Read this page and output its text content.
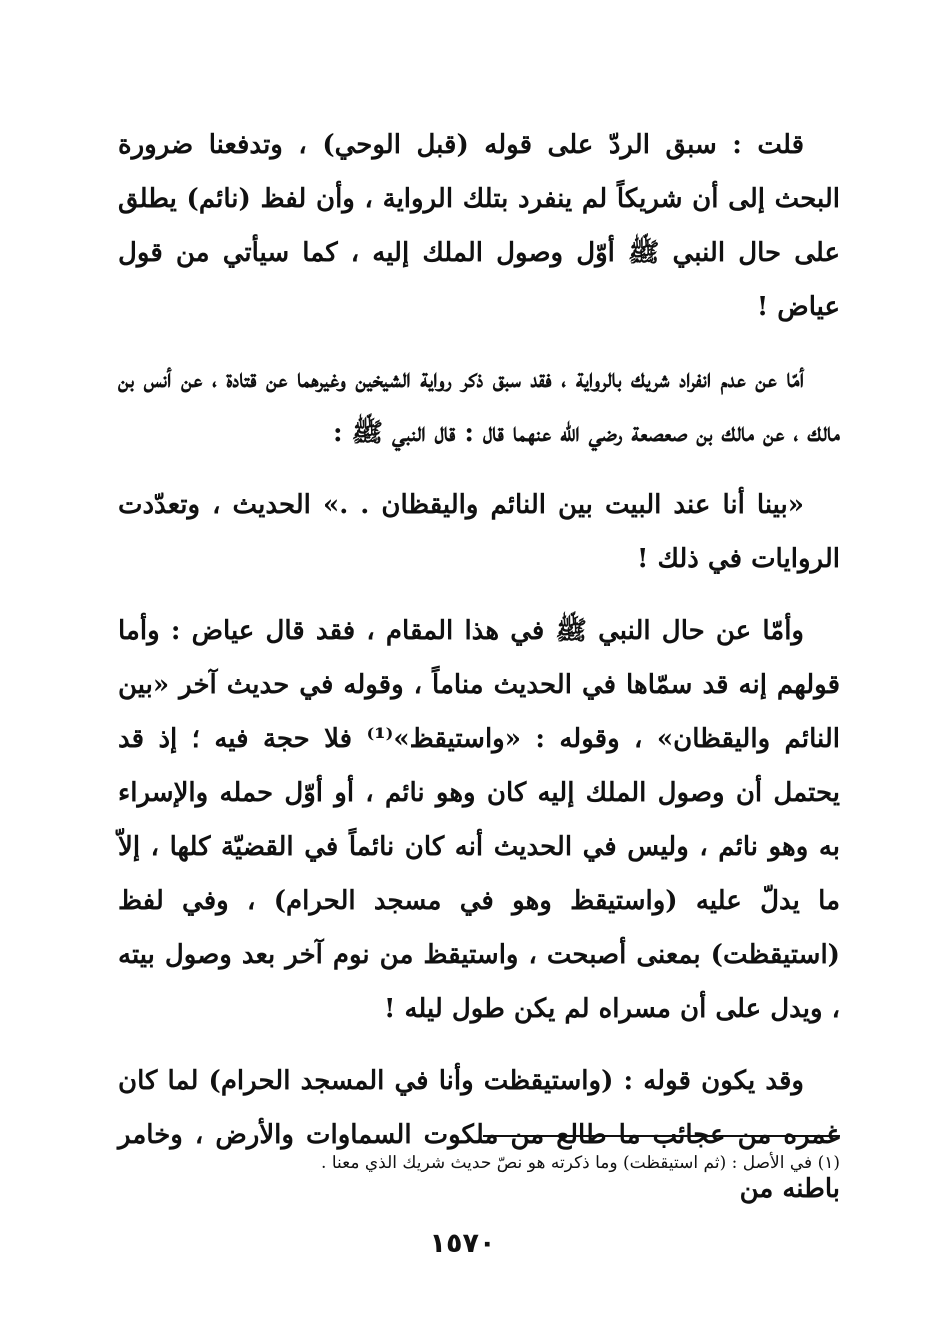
قلت : سبق الردّ على قوله (قبل الوحي) ، وتدفعنا ضرورة البحث إلى أن شريكاً لم ينفرد بتلك الرواية ، وأن لفظ (نائم) يطلق على حال النبي ﷺ أوّل وصول الملك إليه ، كما سيأتي من قول عياض !

أمّا عن عدم انفراد شريك بالرواية ، فقد سبق ذكر رواية الشيخين وغيرهما عن قتادة ، عن أنس بن مالك ، عن مالك بن صعصعة رضي الله عنهما قال : قال النبي ﷺ :

«بينا أنا عند البيت بين النائم واليقظان . .» الحديث ، وتعدّدت الروايات في ذلك !

وأمّا عن حال النبي ﷺ في هذا المقام ، فقد قال عياض : وأما قولهم إنه قد سمّاها في الحديث مناماً ، وقوله في حديث آخر «بين النائم واليقظان» ، وقوله : «واستيقظ»⁽¹⁾ فلا حجة فيه ؛ إذ قد يحتمل أن وصول الملك إليه كان وهو نائم ، أو أوّل حمله والإسراء به وهو نائم ، وليس في الحديث أنه كان نائماً في القضيّة كلها ، إلاّ ما يدلّ عليه (واستيقظ وهو في مسجد الحرام) ، وفي لفظ (استيقظت) بمعنى أصبحت ، واستيقظ من نوم آخر بعد وصول بيته ، ويدل على أن مسراه لم يكن طول ليله !

وقد يكون قوله : (واستيقظت وأنا في المسجد الحرام) لما كان غمره من عجائب ما طالع من ملكوت السماوات والأرض ، وخامر باطنه من

(١) في الأصل : (ثم استيقظت) وما ذكرته هو نصّ حديث شريك الذي معنا .
١٥٧٠
